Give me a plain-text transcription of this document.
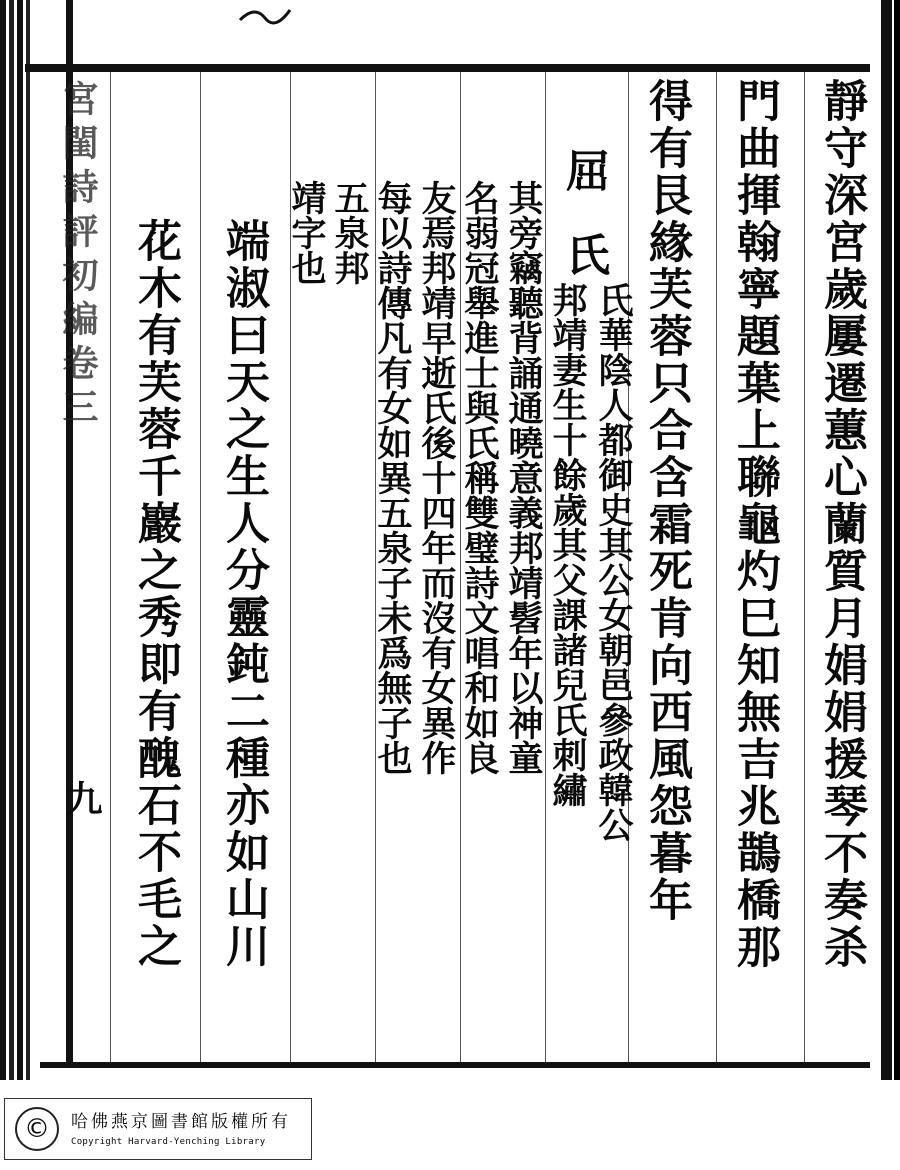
宮閨詩評初編卷三
九	靜守深宮歲屢遷蕙心蘭質月娟娟援琴不奏杀
門曲揮翰寧題葉上聯龜灼巳知無吉兆鵲橋那
得有艮緣芙蓉只合含霜死肯向西風怨暮年
屈
氏
氏華陰人都御史其公女朝邑參政韓公
邦靖妻生十餘歲其父課諸兒氏刺繡
其旁竊聽背誦通曉意義邦靖髫年以神童
名弱冠舉進士與氏稱雙璧詩文唱和如良
友焉邦靖早逝氏後十四年而沒有女異作
每以詩傳凡有女如異五泉子未爲無子也
五泉邦
靖字也
端淑曰天之生人分靈鈍二種亦如山川
花木有芙蓉千巖之秀即有醜石不毛之
©	哈佛燕京圖書館版權所有
Copyright Harvard-Yenching Library
